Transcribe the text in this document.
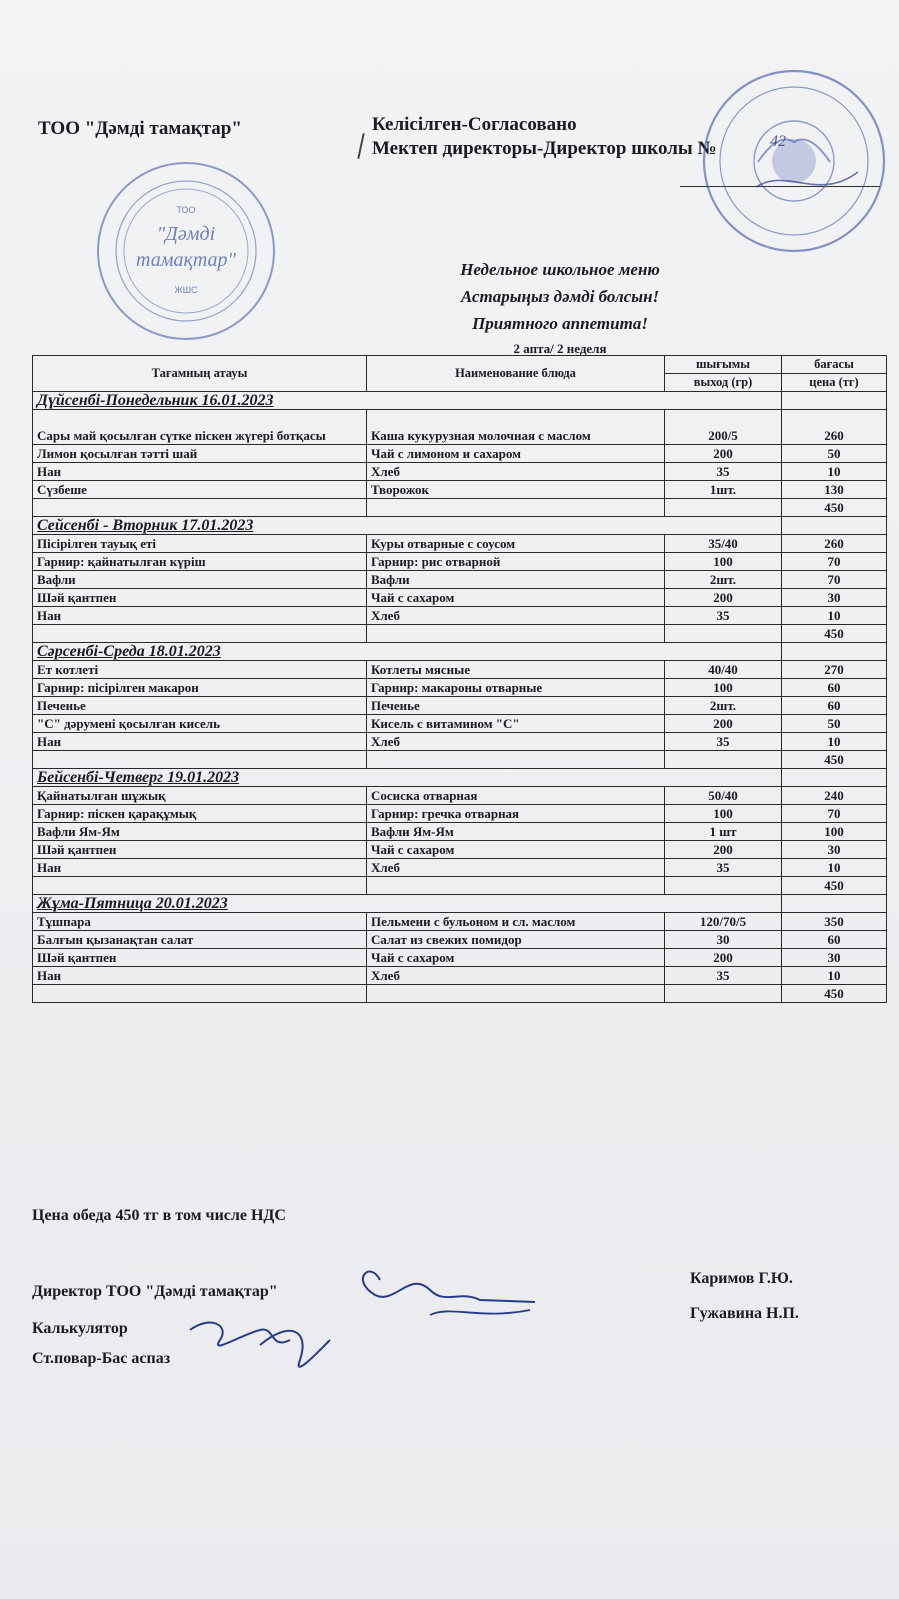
ТОО "Дәмді тамақтар"	Келісілген-Согласовано
Мектеп директоры-Директор школы №
ТОО
"Дәмді
тамақтар"
ЖШС
42
Недельное школьное меню
Астарыңыз дәмді болсын!
Приятного аппетита!
2 апта/ 2 неделя
Тағамның атауы	Наименование блюда	шығымы	бағасы
		выход (гр)	цена (тг)
Дүйсенбі-Понедельник 16.01.2023			
Сары май қосылған сүтке піскен жүгері ботқасы	Каша кукурузная молочная с маслом	200/5	260
Лимон қосылған тәтті шай	Чай с лимоном и сахаром	200	50
Нан	Хлеб	35	10
Сүзбеше	Творожок	1шт.	130
			450
Сейсенбі - Вторник 17.01.2023			
Пісірілген тауық еті	Куры отварные с соусом	35/40	260
Гарнир: қайнатылған күріш	Гарнир: рис отварной	100	70
Вафли	Вафли	2шт.	70
Шәй қантпен	Чай с сахаром	200	30
Нан	Хлеб	35	10
			450
Сәрсенбі-Среда 18.01.2023			
Ет котлеті	Котлеты мясные	40/40	270
Гарнир: пісірілген макарон	Гарнир: макароны отварные	100	60
Печенье	Печенье	2шт.	60
"С" дәрумені қосылған кисель	Кисель с витамином "С"	200	50
Нан	Хлеб	35	10
			450
Бейсенбі-Четверг 19.01.2023			
Қайнатылған шұжық	Сосиска отварная	50/40	240
Гарнир: піскен қарақұмық	Гарнир: гречка отварная	100	70
Вафли Ям-Ям	Вафли Ям-Ям	1 шт	100
Шәй қантпен	Чай с сахаром	200	30
Нан	Хлеб	35	10
			450
Жұма-Пятница 20.01.2023			
Тұшпара	Пельмени с бульоном и сл. маслом	120/70/5	350
Балғын қызанақтан салат	Салат из свежих помидор	30	60
Шәй қантпен	Чай с сахаром	200	30
Нан	Хлеб	35	10
			450
Цена обеда 450 тг в том числе НДС
Директор ТОО "Дәмді тамақтар"
Калькулятор
Ст.повар-Бас аспаз
Каримов Г.Ю.
Гужавина Н.П.
